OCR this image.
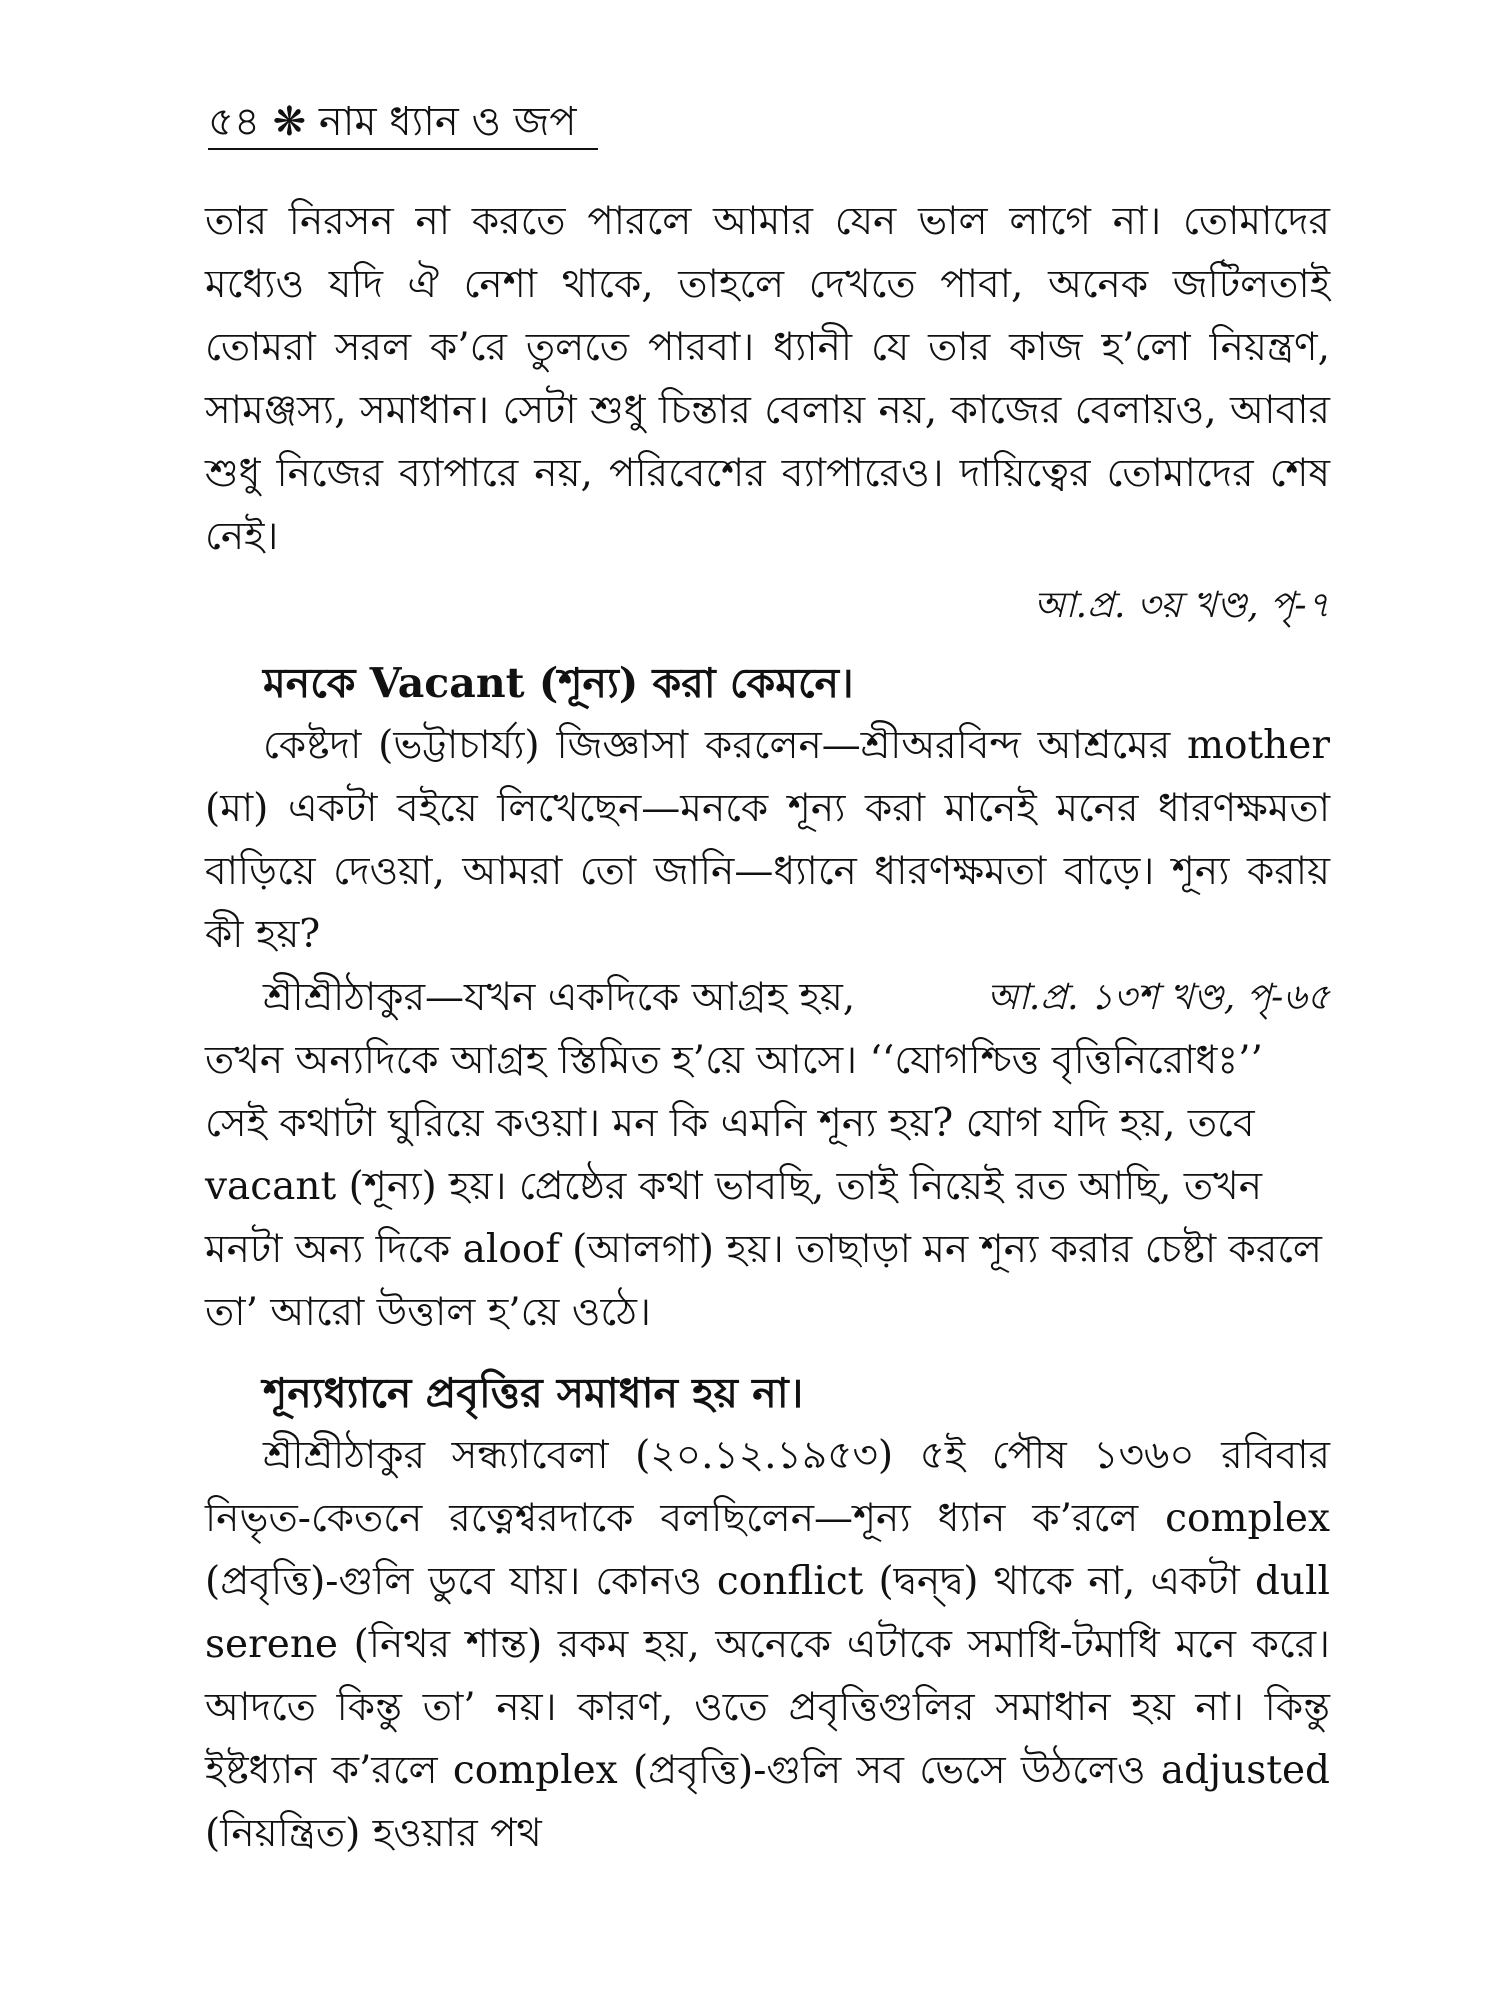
৫৪ ❋ নাম ধ্যান ও জপ

তার নিরসন না করতে পারলে আমার যেন ভাল লাগে না। তোমাদের মধ্যেও যদি ঐ নেশা থাকে, তাহলে দেখতে পাবা, অনেক জটিলতাই তোমরা সরল ক’রে তুলতে পারবা। ধ্যানী যে তার কাজ হ’লো নিয়ন্ত্রণ, সামঞ্জস্য, সমাধান। সেটা শুধু চিন্তার বেলায় নয়, কাজের বেলায়ও, আবার শুধু নিজের ব্যাপারে নয়, পরিবেশের ব্যাপারেও। দায়িত্বের তোমাদের শেষ নেই।

আ.প্র. ৩য় খণ্ড, পৃ-৭

মনকে Vacant (শূন্য) করা কেমনে।

কেষ্টদা (ভট্টাচার্য্য) জিজ্ঞাসা করলেন—শ্রীঅরবিন্দ আশ্রমের mother (মা) একটা বইয়ে লিখেছেন—মনকে শূন্য করা মানেই মনের ধারণক্ষমতা বাড়িয়ে দেওয়া, আমরা তো জানি—ধ্যানে ধারণক্ষমতা বাড়ে। শূন্য করায় কী হয়?

আ.প্র. ১৩শ খণ্ড, পৃ-৬৫
শ্রীশ্রীঠাকুর—যখন একদিকে আগ্রহ হয়, তখন অন্যদিকে আগ্রহ স্তিমিত হ’য়ে আসে। ‘‘যোগশ্চিত্ত বৃত্তিনিরোধঃ’’ সেই কথাটা ঘুরিয়ে কওয়া। মন কি এমনি শূন্য হয়? যোগ যদি হয়, তবে vacant (শূন্য) হয়। প্রেষ্ঠের কথা ভাবছি, তাই নিয়েই রত আছি, তখন মনটা অন্য দিকে aloof (আলগা) হয়। তাছাড়া মন শূন্য করার চেষ্টা করলে তা’ আরো উত্তাল হ’য়ে ওঠে।

শূন্যধ্যানে প্রবৃত্তির সমাধান হয় না।

শ্রীশ্রীঠাকুর সন্ধ্যাবেলা (২০.১২.১৯৫৩) ৫ই পৌষ ১৩৬০ রবিবার নিভৃত-কেতনে রত্নেশ্বরদাকে বলছিলেন—শূন্য ধ্যান ক’রলে complex (প্রবৃত্তি)-গুলি ডুবে যায়। কোনও conflict (দ্বন্দ্ব) থাকে না, একটা dull serene (নিথর শান্ত) রকম হয়, অনেকে এটাকে সমাধি-টমাধি মনে করে। আদতে কিন্তু তা’ নয়। কারণ, ওতে প্রবৃত্তিগুলির সমাধান হয় না। কিন্তু ইষ্টধ্যান ক’রলে complex (প্রবৃত্তি)-গুলি সব ভেসে উঠলেও adjusted (নিয়ন্ত্রিত) হওয়ার পথ
